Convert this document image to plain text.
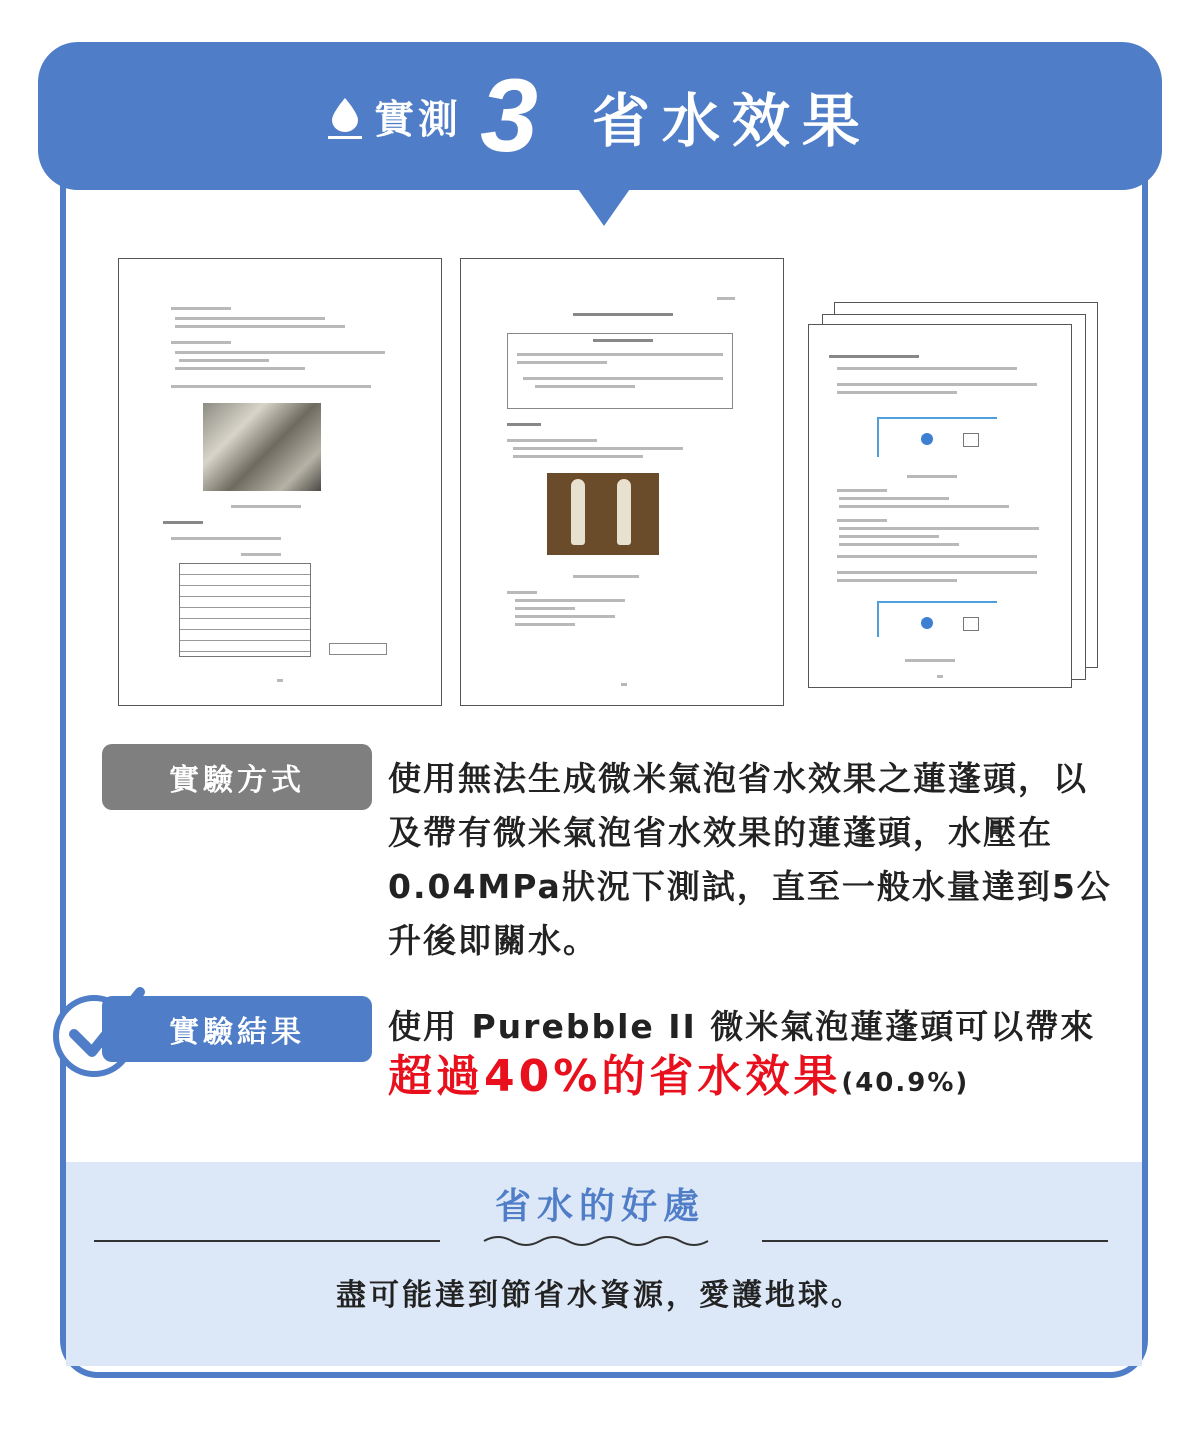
實測 3 省水效果
實驗方式	使用無法生成微米氣泡省水效果之蓮蓬頭，以及帶有微米氣泡省水效果的蓮蓬頭，水壓在0.04MPa狀況下測試，直至一般水量達到5公升後即關水。

實驗結果	使用 Purebble II 微米氣泡蓮蓬頭可以帶來
超過40%的省水效果(40.9%)

省水的好處
盡可能達到節省水資源，愛護地球。
